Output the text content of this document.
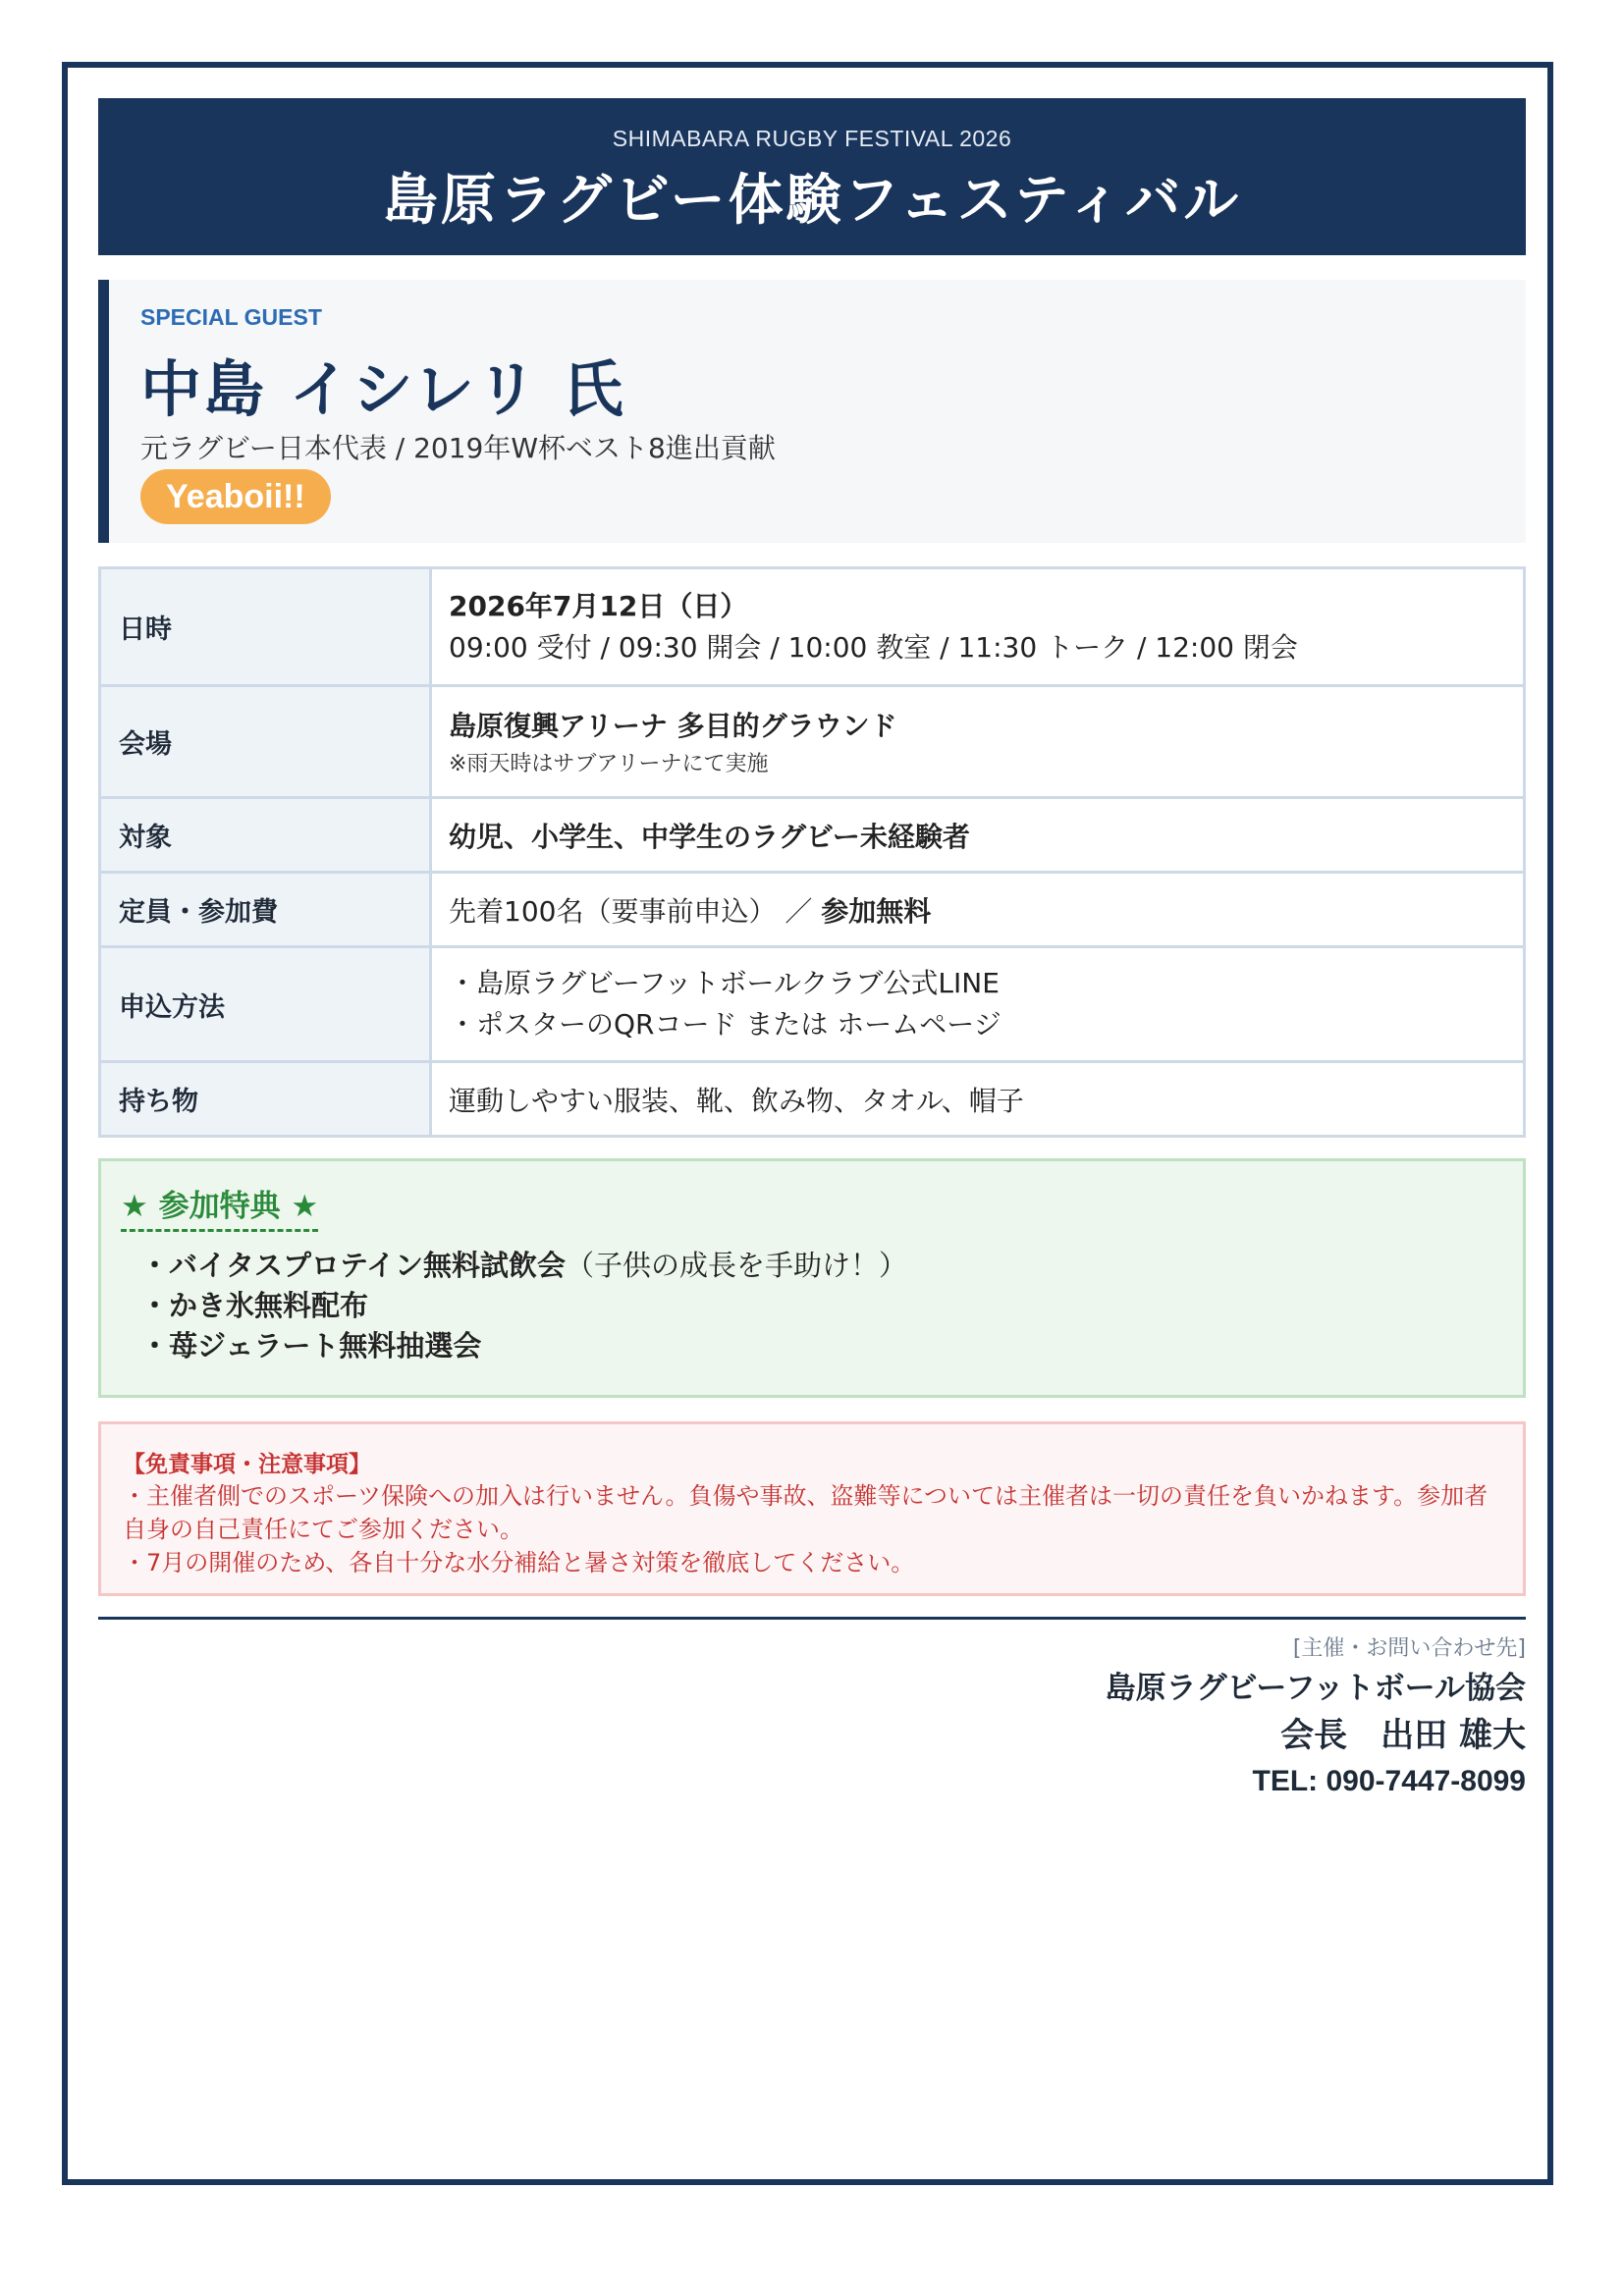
SHIMABARA RUGBY FESTIVAL 2026
島原ラグビー体験フェスティバル
SPECIAL GUEST
中島 イシレリ 氏
元ラグビー日本代表 / 2019年W杯ベスト8進出貢献
Yeaboii!!
日時	2026年7月12日（日）
09:00 受付 / 09:30 開会 / 10:00 教室 / 11:30 トーク / 12:00 閉会

会場	島原復興アリーナ 多目的グラウンド
※雨天時はサブアリーナにて実施

対象	幼児、小学生、中学生のラグビー未経験者
定員・参加費	先着100名（要事前申込） ／ 参加無料
申込方法	・島原ラグビーフットボールクラブ公式LINE
・ポスターのQRコード または ホームページ

持ち物	運動しやすい服装、靴、飲み物、タオル、帽子
★ 参加特典 ★
・バイタスプロテイン無料試飲会（子供の成長を手助け！）
・かき氷無料配布
・苺ジェラート無料抽選会
【免責事項・注意事項】
・主催者側でのスポーツ保険への加入は行いません。負傷や事故、盗難等については主催者は一切の責任を負いかねます。参加者自身の自己責任にてご参加ください。
・7月の開催のため、各自十分な水分補給と暑さ対策を徹底してください。
[主催・お問い合わせ先]
島原ラグビーフットボール協会
会長　出田 雄大
TEL: 090-7447-8099
